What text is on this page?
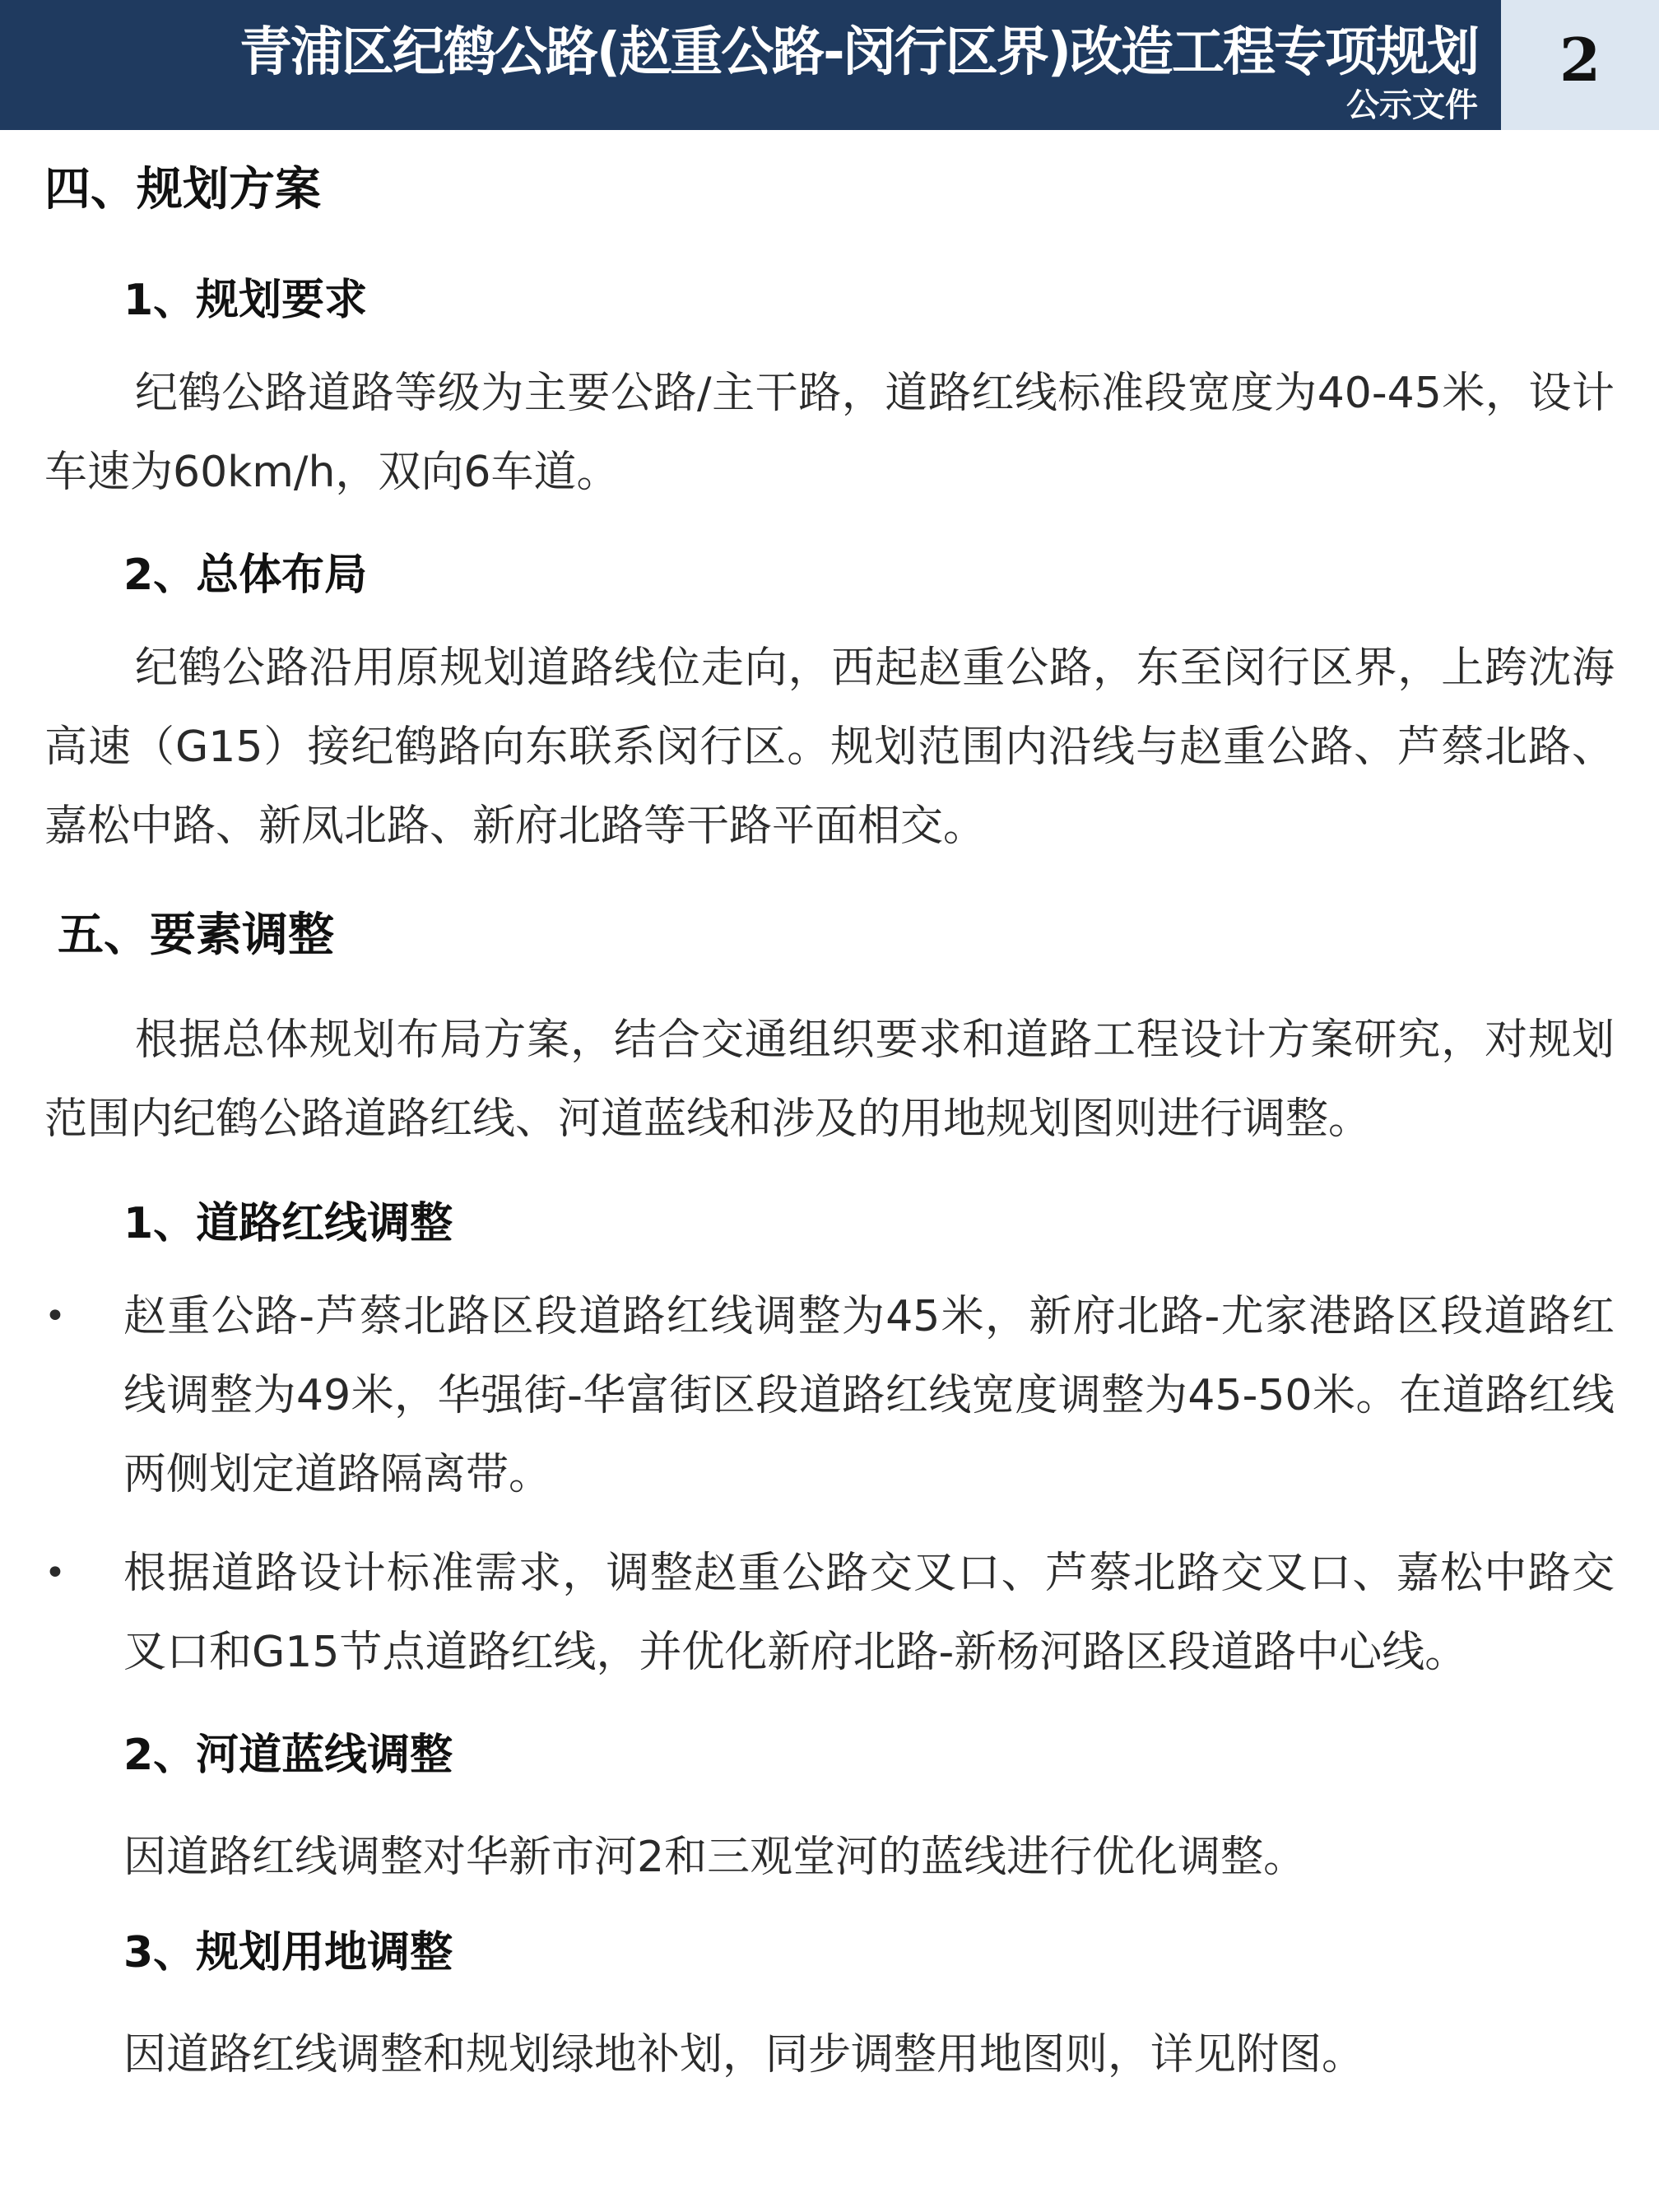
青浦区纪鹤公路(赵重公路-闵行区界)改造工程专项规划
公示文件
2
四、规划方案
1、规划要求
纪鹤公路道路等级为主要公路/主干路，道路红线标准段宽度为40-45米，设计车速为60km/h，双向6车道。
2、总体布局
纪鹤公路沿用原规划道路线位走向，西起赵重公路，东至闵行区界，上跨沈海高速（G15）接纪鹤路向东联系闵行区。规划范围内沿线与赵重公路、芦蔡北路、嘉松中路、新凤北路、新府北路等干路平面相交。
五、要素调整
根据总体规划布局方案，结合交通组织要求和道路工程设计方案研究，对规划范围内纪鹤公路道路红线、河道蓝线和涉及的用地规划图则进行调整。
1、道路红线调整
• 赵重公路-芦蔡北路区段道路红线调整为45米，新府北路-尤家港路区段道路红线调整为49米，华强街-华富街区段道路红线宽度调整为45-50米。在道路红线两侧划定道路隔离带。
• 根据道路设计标准需求，调整赵重公路交叉口、芦蔡北路交叉口、嘉松中路交叉口和G15节点道路红线，并优化新府北路-新杨河路区段道路中心线。
2、河道蓝线调整
因道路红线调整对华新市河2和三观堂河的蓝线进行优化调整。
3、规划用地调整
因道路红线调整和规划绿地补划，同步调整用地图则，详见附图。
